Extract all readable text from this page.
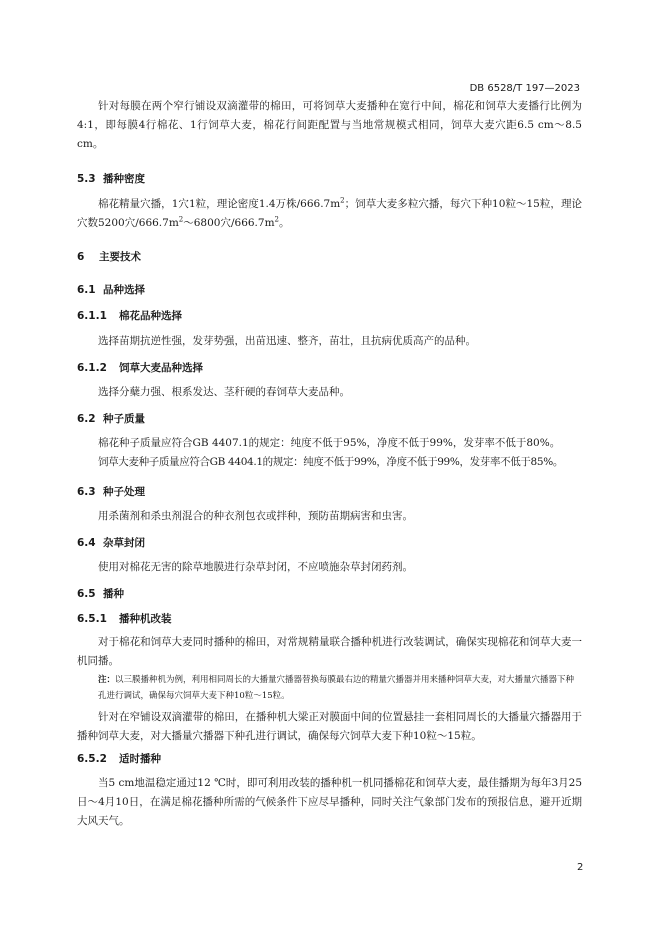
DB 6528/T 197—2023
针对每膜在两个窄行铺设双滴灌带的棉田，可将饲草大麦播种在宽行中间，棉花和饲草大麦播行比例为4:1，即每膜4行棉花、1行饲草大麦，棉花行间距配置与当地常规模式相同，饲草大麦穴距6.5 cm～8.5 cm。
5.3 播种密度
棉花精量穴播，1穴1粒，理论密度1.4万株$/666.7m^2$；饲草大麦多粒穴播，每穴下种10粒～15粒，理论穴数5200穴$/666.7m^2\sim 6800$穴$/666.7m^2$。
6 主要技术
6.1 品种选择
6.1.1 棉花品种选择
选择苗期抗逆性强，发芽势强，出苗迅速、整齐，苗壮，且抗病优质高产的品种。
6.1.2 饲草大麦品种选择
选择分蘖力强、根系发达、茎秆硬的春饲草大麦品种。
6.2 种子质量
棉花种子质量应符合GB 4407.1的规定：纯度不低于95%，净度不低于99%，发芽率不低于80%。
饲草大麦种子质量应符合GB 4404.1的规定：纯度不低于99%，净度不低于99%，发芽率不低于85%。
6.3 种子处理
用杀菌剂和杀虫剂混合的种衣剂包衣或拌种，预防苗期病害和虫害。
6.4 杂草封闭
使用对棉花无害的除草地膜进行杂草封闭，不应喷施杂草封闭药剂。
6.5 播种
6.5.1 播种机改装
对于棉花和饲草大麦同时播种的棉田，对常规精量联合播种机进行改装调试，确保实现棉花和饲草大麦一机同播。
注：以三膜播种机为例，利用相同周长的大播量穴播器替换每膜最右边的精量穴播器并用来播种饲草大麦，对大播量穴播器下种孔进行调试，确保每穴饲草大麦下种10粒～15粒。
针对在窄铺设双滴灌带的棉田，在播种机大梁正对膜面中间的位置悬挂一套相同周长的大播量穴播器用于播种饲草大麦，对大播量穴播器下种孔进行调试，确保每穴饲草大麦下种10粒～15粒。
6.5.2 适时播种
当5 cm地温稳定通过12 ℃时，即可利用改装的播种机一机同播棉花和饲草大麦，最佳播期为每年3月25日～4月10日，在满足棉花播种所需的气候条件下应尽早播种，同时关注气象部门发布的预报信息，避开近期大风天气。
2
